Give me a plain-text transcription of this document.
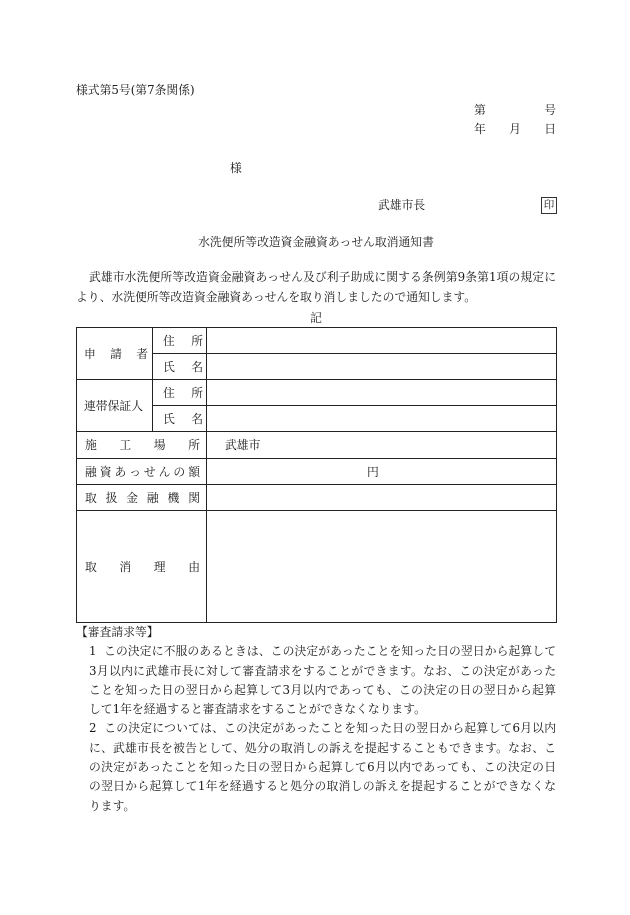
様式第5号(第7条関係)
第	号
年 月 日
様
武雄市長	印
水洗便所等改造資金融資あっせん取消通知書
武雄市水洗便所等改造資金融資あっせん及び利子助成に関する条例第9条第1項の規定に
より、水洗便所等改造資金融資あっせんを取り消しましたので通知します。
記
申　請　者	住　所	
	氏　名	
連帯保証人	住　所	
	氏　名	
施　工　場　所		武雄市
融資あっせんの額		円
取 扱 金 融 機 関		
取　消　理　由		
【審査請求等】
1 この決定に不服のあるときは、この決定があったことを知った日の翌日から起算して
3月以内に武雄市長に対して審査請求をすることができます。なお、この決定があった
ことを知った日の翌日から起算して3月以内であっても、この決定の日の翌日から起算
して1年を経過すると審査請求をすることができなくなります。
2 この決定については、この決定があったことを知った日の翌日から起算して6月以内
に、武雄市長を被告として、処分の取消しの訴えを提起することもできます。なお、こ
の決定があったことを知った日の翌日から起算して6月以内であっても、この決定の日
の翌日から起算して1年を経過すると処分の取消しの訴えを提起することができなくな
ります。
